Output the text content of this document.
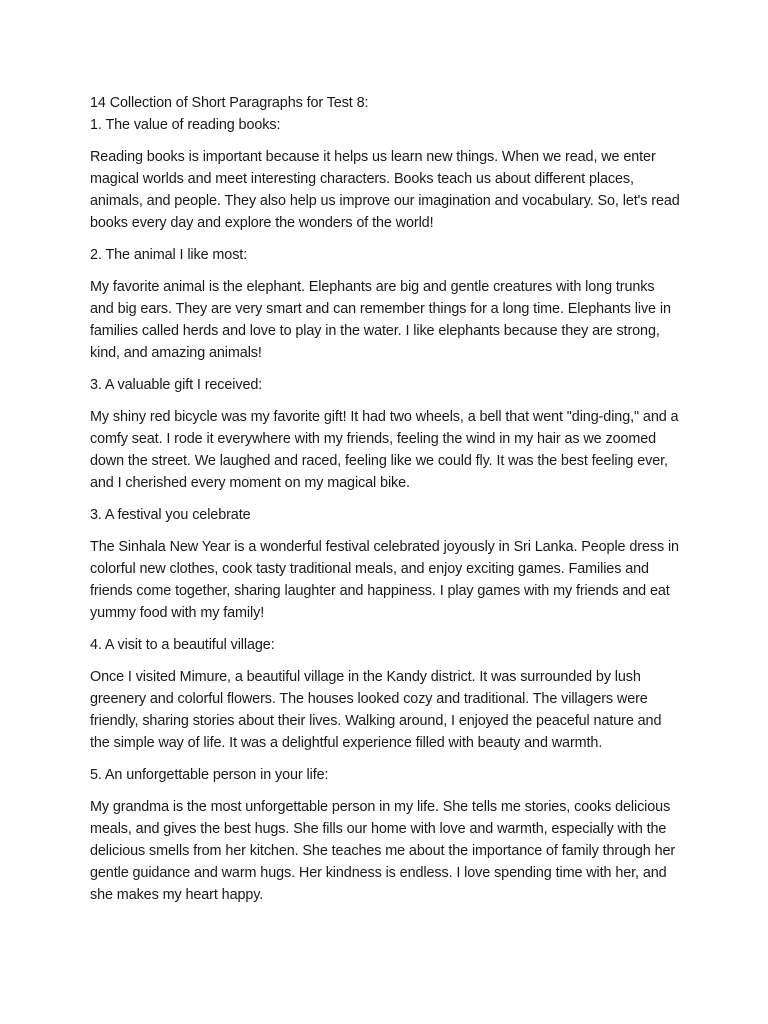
14 Collection of Short Paragraphs for Test 8:
1. The value of reading books:

Reading books is important because it helps us learn new things. When we read, we enter magical worlds and meet interesting characters. Books teach us about different places, animals, and people. They also help us improve our imagination and vocabulary. So, let's read books every day and explore the wonders of the world!

2. The animal I like most:

My favorite animal is the elephant. Elephants are big and gentle creatures with long trunks and big ears. They are very smart and can remember things for a long time. Elephants live in families called herds and love to play in the water. I like elephants because they are strong, kind, and amazing animals!

3. A valuable gift I received:

My shiny red bicycle was my favorite gift! It had two wheels, a bell that went "ding-ding," and a comfy seat. I rode it everywhere with my friends, feeling the wind in my hair as we zoomed down the street. We laughed and raced, feeling like we could fly. It was the best feeling ever, and I cherished every moment on my magical bike.

3. A festival you celebrate

The Sinhala New Year is a wonderful festival celebrated joyously in Sri Lanka. People dress in colorful new clothes, cook tasty traditional meals, and enjoy exciting games. Families and friends come together, sharing laughter and happiness. I play games with my friends and eat yummy food with my family!

4. A visit to a beautiful village:

Once I visited Mimure, a beautiful village in the Kandy district. It was surrounded by lush greenery and colorful flowers. The houses looked cozy and traditional. The villagers were friendly, sharing stories about their lives. Walking around, I enjoyed the peaceful nature and the simple way of life. It was a delightful experience filled with beauty and warmth.

5. An unforgettable person in your life:

My grandma is the most unforgettable person in my life. She tells me stories, cooks delicious meals, and gives the best hugs. She fills our home with love and warmth, especially with the delicious smells from her kitchen. She teaches me about the importance of family through her gentle guidance and warm hugs. Her kindness is endless. I love spending time with her, and she makes my heart happy.
